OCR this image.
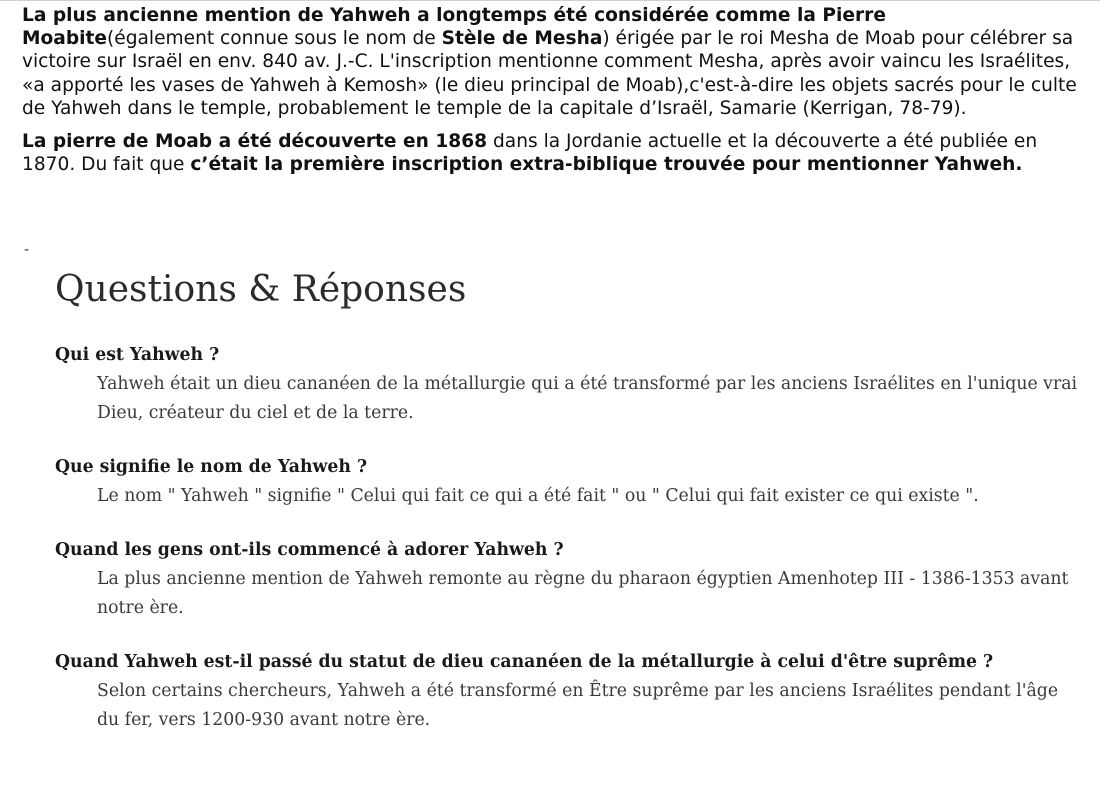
La plus ancienne mention de Yahweh a longtemps été considérée comme la Pierre Moabite(également connue sous le nom de Stèle de Mesha) érigée par le roi Mesha de Moab pour célébrer sa victoire sur Israël en env. 840 av. J.-C. L'inscription mentionne comment Mesha, après avoir vaincu les Israélites, «a apporté les vases de Yahweh à Kemosh» (le dieu principal de Moab),c'est-à-dire les objets sacrés pour le culte de Yahweh dans le temple, probablement le temple de la capitale d’Israël, Samarie (Kerrigan, 78-79).

La pierre de Moab a été découverte en 1868 dans la Jordanie actuelle et la découverte a été publiée en 1870. Du fait que c’était la première inscription extra-biblique trouvée pour mentionner Yahweh.

-
Questions & Réponses

Qui est Yahweh ?

Yahweh était un dieu cananéen de la métallurgie qui a été transformé par les anciens Israélites en l'unique vrai Dieu, créateur du ciel et de la terre.

Que signifie le nom de Yahweh ?

Le nom " Yahweh " signifie " Celui qui fait ce qui a été fait " ou " Celui qui fait exister ce qui existe ".

Quand les gens ont-ils commencé à adorer Yahweh ?

La plus ancienne mention de Yahweh remonte au règne du pharaon égyptien Amenhotep III - 1386-1353 avant notre ère.

Quand Yahweh est-il passé du statut de dieu cananéen de la métallurgie à celui d'être suprême ?

Selon certains chercheurs, Yahweh a été transformé en Être suprême par les anciens Israélites pendant l'âge du fer, vers 1200-930 avant notre ère.
